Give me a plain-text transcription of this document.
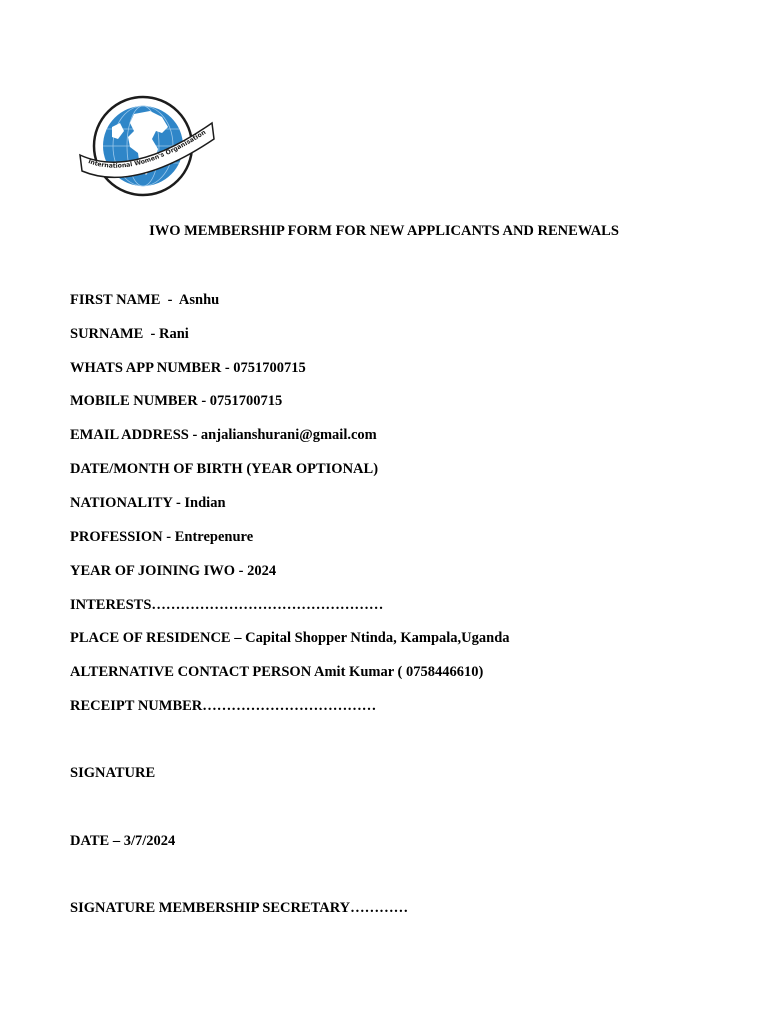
International Women's Organisation
IWO MEMBERSHIP FORM FOR NEW APPLICANTS AND RENEWALS
FIRST NAME  -  Asnhu
SURNAME  - Rani
WHATS APP NUMBER - 0751700715
MOBILE NUMBER - 0751700715
EMAIL ADDRESS - anjalianshurani@gmail.com
DATE/MONTH OF BIRTH (YEAR OPTIONAL)
NATIONALITY - Indian
PROFESSION - Entrepenure
YEAR OF JOINING IWO - 2024
INTERESTS…………………………………………
PLACE OF RESIDENCE – Capital Shopper Ntinda, Kampala,Uganda
ALTERNATIVE CONTACT PERSON Amit Kumar ( 0758446610)
RECEIPT NUMBER………………………………
SIGNATURE
DATE – 3/7/2024
SIGNATURE MEMBERSHIP SECRETARY…………
